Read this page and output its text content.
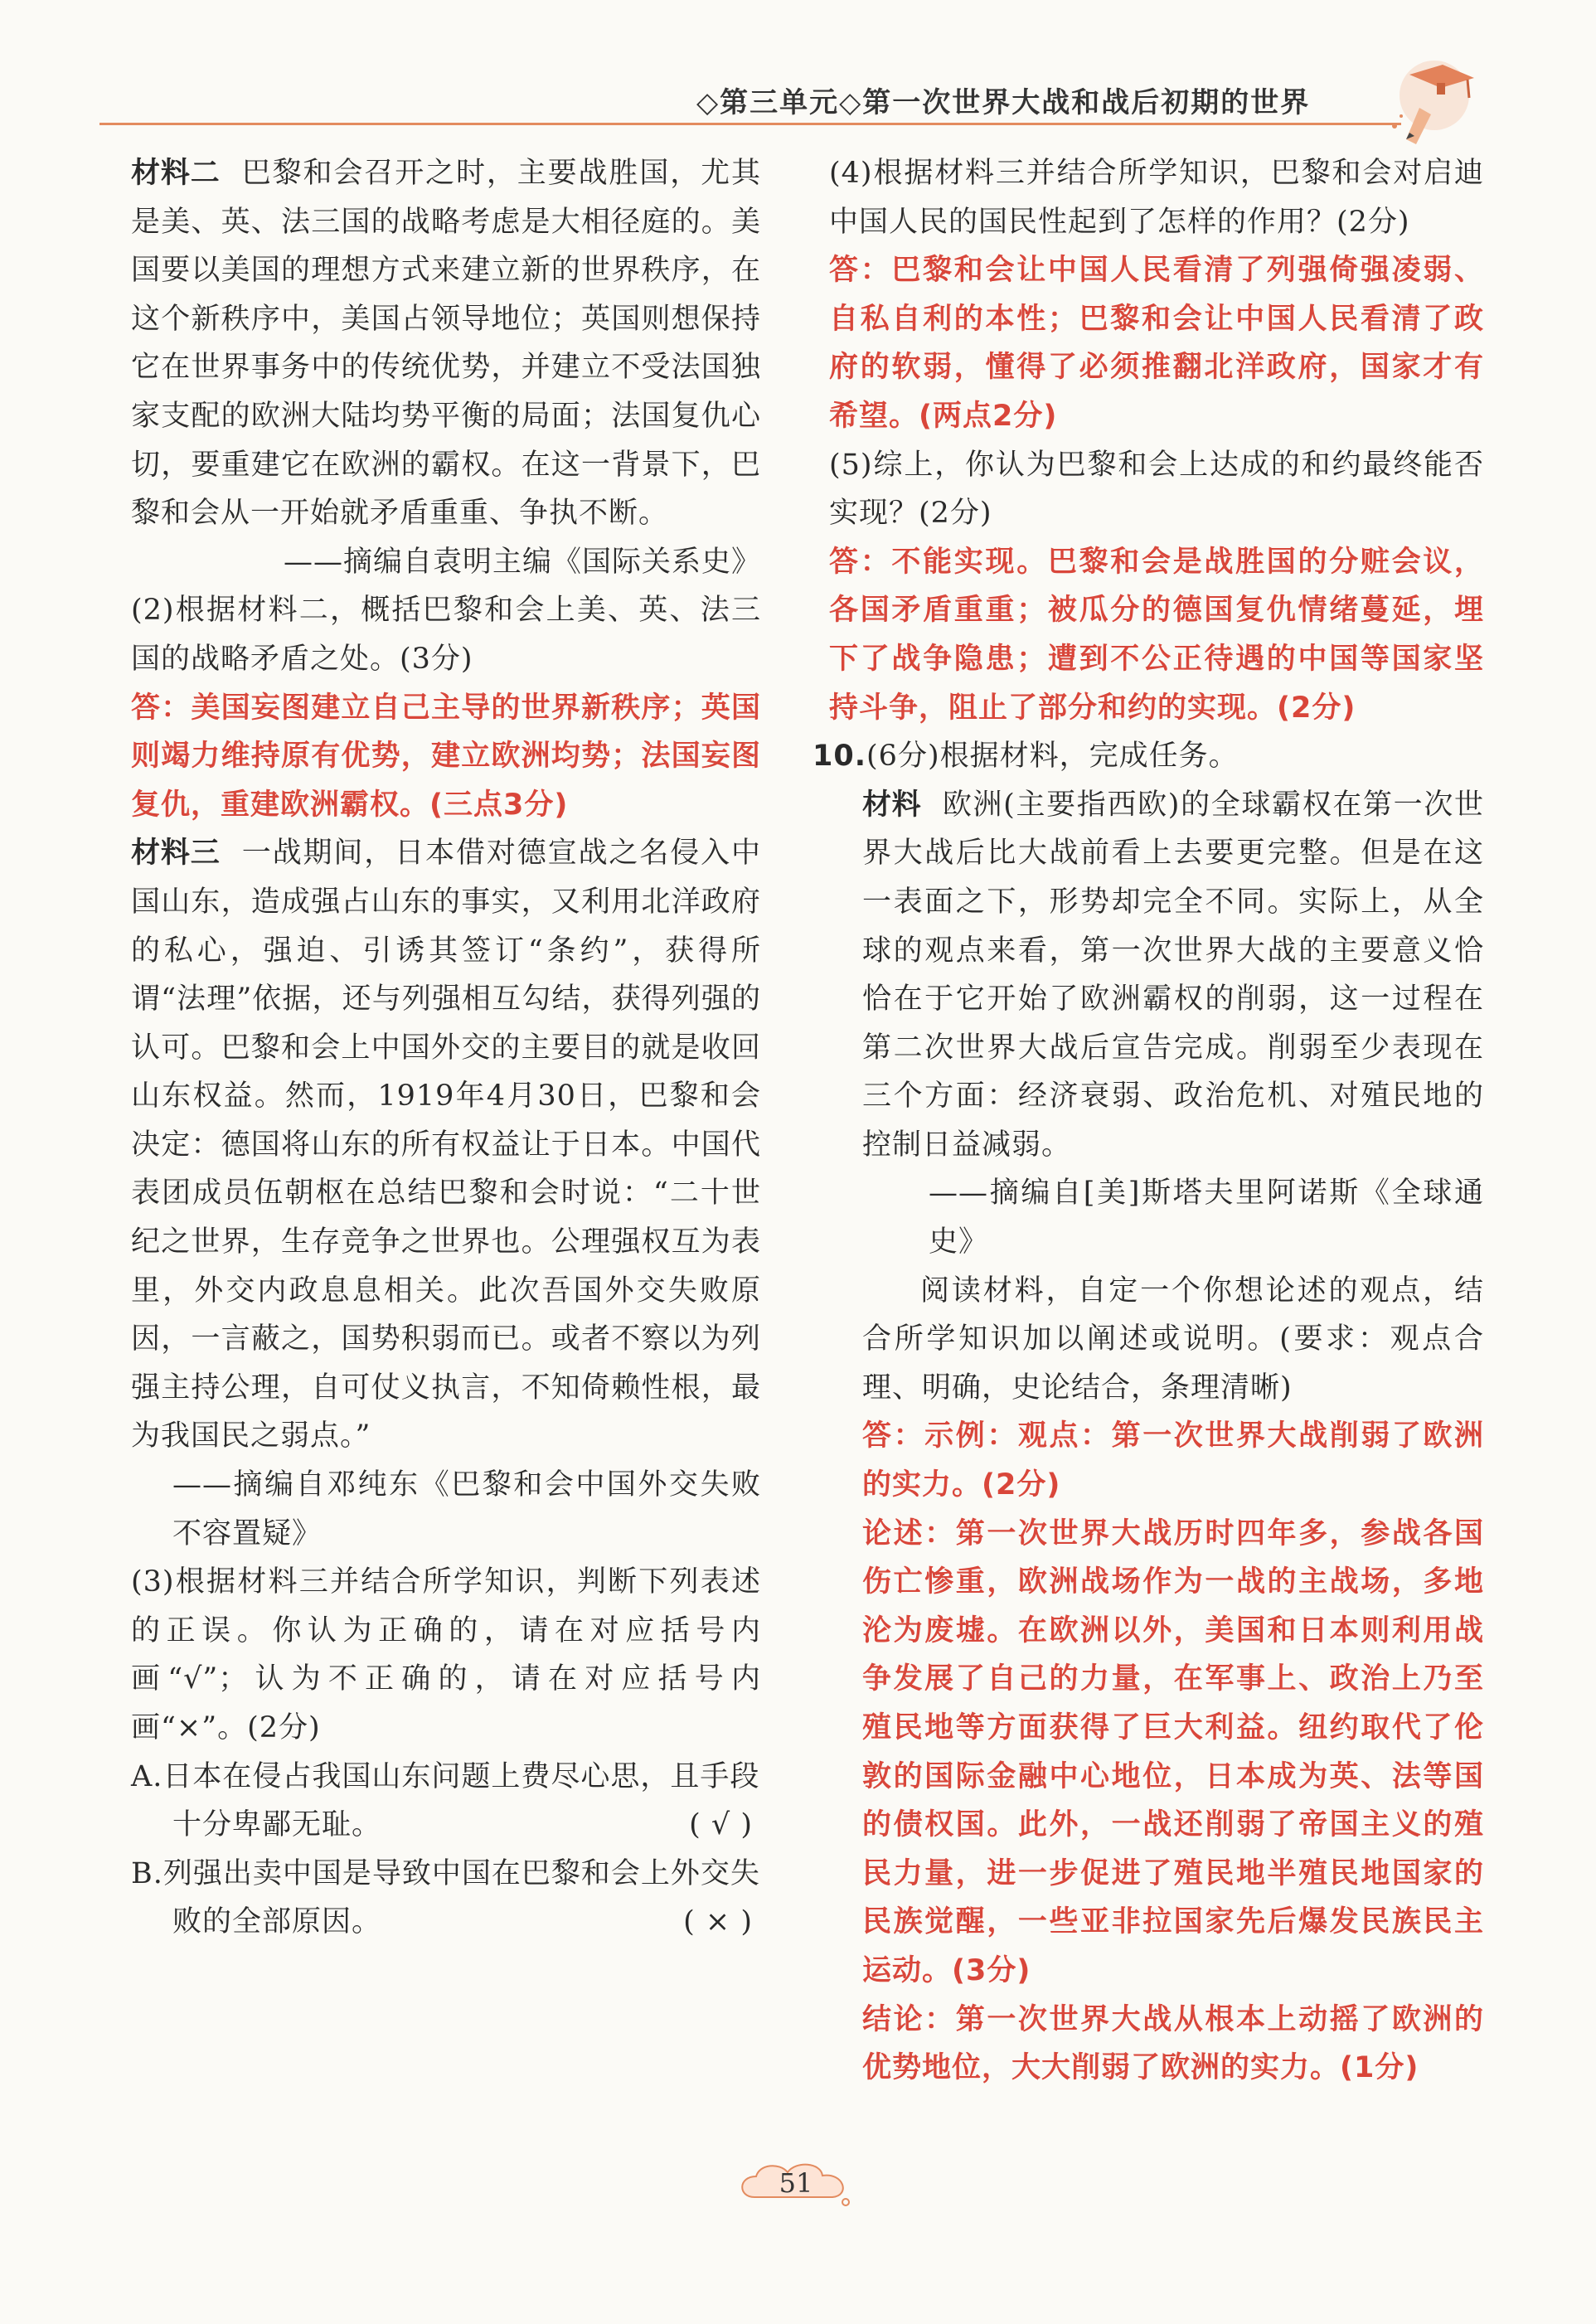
◇第三单元◇第一次世界大战和战后初期的世界

材料二 巴黎和会召开之时，主要战胜国，尤其是美、英、法三国的战略考虑是大相径庭的。美国要以美国的理想方式来建立新的世界秩序，在这个新秩序中，美国占领导地位；英国则想保持它在世界事务中的传统优势，并建立不受法国独家支配的欧洲大陆均势平衡的局面；法国复仇心切，要重建它在欧洲的霸权。在这一背景下，巴黎和会从一开始就矛盾重重、争执不断。

——摘编自袁明主编《国际关系史》

(2)根据材料二，概括巴黎和会上美、英、法三国的战略矛盾之处。(3分)

答：美国妄图建立自己主导的世界新秩序；英国则竭力维持原有优势，建立欧洲均势；法国妄图复仇，重建欧洲霸权。(三点3分)

材料三 一战期间，日本借对德宣战之名侵入中国山东，造成强占山东的事实，又利用北洋政府的私心，强迫、引诱其签订“条约”，获得所谓“法理”依据，还与列强相互勾结，获得列强的认可。巴黎和会上中国外交的主要目的就是收回山东权益。然而，1919年4月30日，巴黎和会决定：德国将山东的所有权益让于日本。中国代表团成员伍朝枢在总结巴黎和会时说：“二十世纪之世界，生存竞争之世界也。公理强权互为表里，外交内政息息相关。此次吾国外交失败原因，一言蔽之，国势积弱而已。或者不察以为列强主持公理，自可仗义执言，不知倚赖性根，最为我国民之弱点。”

——摘编自邓纯东《巴黎和会中国外交失败不容置疑》

(3)根据材料三并结合所学知识，判断下列表述的正误。你认为正确的，请在对应括号内画“√”；认为不正确的，请在对应括号内画“×”。(2分)

A.日本在侵占我国山东问题上费尽心思，且手段十分卑鄙无耻。	( √ )

B.列强出卖中国是导致中国在巴黎和会上外交失败的全部原因。	( × )

(4)根据材料三并结合所学知识，巴黎和会对启迪中国人民的国民性起到了怎样的作用？(2分)

答：巴黎和会让中国人民看清了列强倚强凌弱、自私自利的本性；巴黎和会让中国人民看清了政府的软弱，懂得了必须推翻北洋政府，国家才有希望。(两点2分)

(5)综上，你认为巴黎和会上达成的和约最终能否实现？(2分)

答：不能实现。巴黎和会是战胜国的分赃会议，各国矛盾重重；被瓜分的德国复仇情绪蔓延，埋下了战争隐患；遭到不公正待遇的中国等国家坚持斗争，阻止了部分和约的实现。(2分)

10.(6分)根据材料，完成任务。

材料 欧洲(主要指西欧)的全球霸权在第一次世界大战后比大战前看上去要更完整。但是在这一表面之下，形势却完全不同。实际上，从全球的观点来看，第一次世界大战的主要意义恰恰在于它开始了欧洲霸权的削弱，这一过程在第二次世界大战后宣告完成。削弱至少表现在三个方面：经济衰弱、政治危机、对殖民地的控制日益减弱。

——摘编自[美]斯塔夫里阿诺斯《全球通史》

阅读材料，自定一个你想论述的观点，结合所学知识加以阐述或说明。(要求：观点合理、明确，史论结合，条理清晰)

答：示例：观点：第一次世界大战削弱了欧洲的实力。(2分)

论述：第一次世界大战历时四年多，参战各国伤亡惨重，欧洲战场作为一战的主战场，多地沦为废墟。在欧洲以外，美国和日本则利用战争发展了自己的力量，在军事上、政治上乃至殖民地等方面获得了巨大利益。纽约取代了伦敦的国际金融中心地位，日本成为英、法等国的债权国。此外，一战还削弱了帝国主义的殖民力量，进一步促进了殖民地半殖民地国家的民族觉醒，一些亚非拉国家先后爆发民族民主运动。(3分)

结论：第一次世界大战从根本上动摇了欧洲的优势地位，大大削弱了欧洲的实力。(1分)

51
